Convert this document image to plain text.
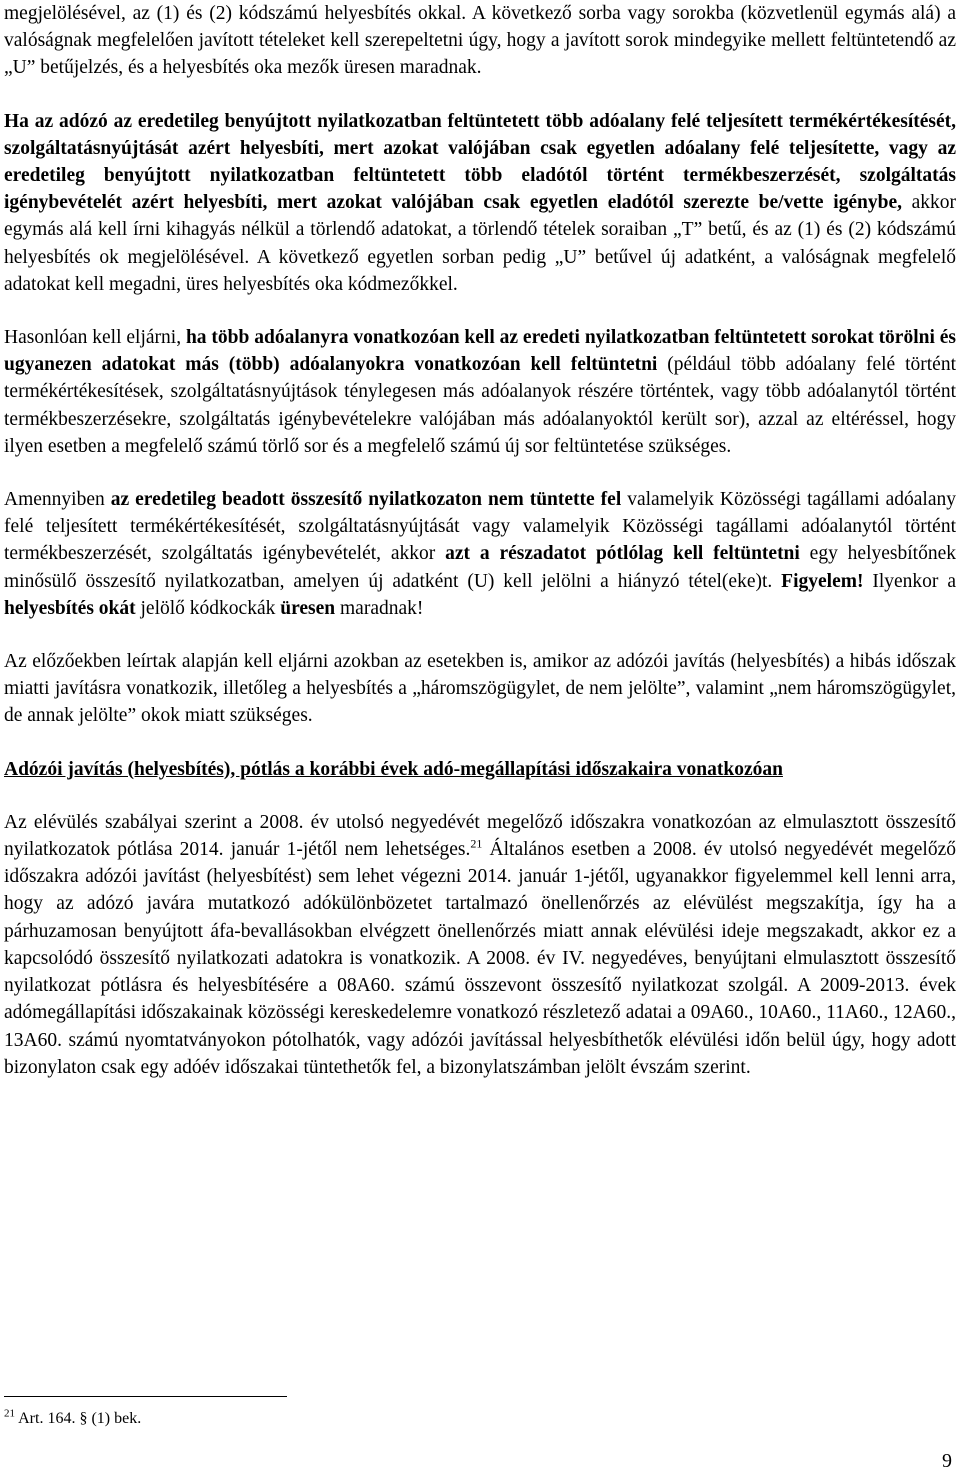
megjelölésével, az (1) és (2) kódszámú helyesbítés okkal. A következő sorba vagy sorokba (közvetlenül egymás alá) a valóságnak megfelelően javított tételeket kell szerepeltetni úgy, hogy a javított sorok mindegyike mellett feltüntetendő az „U” betűjelzés, és a helyesbítés oka mezők üresen maradnak.

Ha az adózó az eredetileg benyújtott nyilatkozatban feltüntetett több adóalany felé teljesített termékértékesítését, szolgáltatásnyújtását azért helyesbíti, mert azokat valójában csak egyetlen adóalany felé teljesítette, vagy az eredetileg benyújtott nyilatkozatban feltüntetett több eladótól történt termékbeszerzését, szolgáltatás igénybevételét azért helyesbíti, mert azokat valójában csak egyetlen eladótól szerezte be/vette igénybe, akkor egymás alá kell írni kihagyás nélkül a törlendő adatokat, a törlendő tételek soraiban „T” betű, és az (1) és (2) kódszámú helyesbítés ok megjelölésével. A következő egyetlen sorban pedig „U” betűvel új adatként, a valóságnak megfelelő adatokat kell megadni, üres helyesbítés oka kódmezőkkel.

Hasonlóan kell eljárni, ha több adóalanyra vonatkozóan kell az eredeti nyilatkozatban feltüntetett sorokat törölni és ugyanezen adatokat más (több) adóalanyokra vonatkozóan kell feltüntetni (például több adóalany felé történt termékértékesítések, szolgáltatásnyújtások ténylegesen más adóalanyok részére történtek, vagy több adóalanytól történt termékbeszerzésekre, szolgáltatás igénybevételekre valójában más adóalanyoktól került sor), azzal az eltéréssel, hogy ilyen esetben a megfelelő számú törlő sor és a megfelelő számú új sor feltüntetése szükséges.

Amennyiben az eredetileg beadott összesítő nyilatkozaton nem tüntette fel valamelyik Közösségi tagállami adóalany felé teljesített termékértékesítését, szolgáltatásnyújtását vagy valamelyik Közösségi tagállami adóalanytól történt termékbeszerzését, szolgáltatás igénybevételét, akkor azt a részadatot pótlólag kell feltüntetni egy helyesbítőnek minősülő összesítő nyilatkozatban, amelyen új adatként (U) kell jelölni a hiányzó tétel(eke)t. Figyelem! Ilyenkor a helyesbítés okát jelölő kódkockák üresen maradnak!

Az előzőekben leírtak alapján kell eljárni azokban az esetekben is, amikor az adózói javítás (helyesbítés) a hibás időszak miatti javításra vonatkozik, illetőleg a helyesbítés a „háromszögügylet, de nem jelölte”, valamint „nem háromszögügylet, de annak jelölte” okok miatt szükséges.

Adózói javítás (helyesbítés), pótlás a korábbi évek adó-megállapítási időszakaira vonatkozóan

Az elévülés szabályai szerint a 2008. év utolsó negyedévét megelőző időszakra vonatkozóan az elmulasztott összesítő nyilatkozatok pótlása 2014. január 1-jétől nem lehetséges.$^{21}$ Általános esetben a 2008. év utolsó negyedévét megelőző időszakra adózói javítást (helyesbítést) sem lehet végezni 2014. január 1-jétől, ugyanakkor figyelemmel kell lenni arra, hogy az adózó javára mutatkozó adókülönbözetet tartalmazó önellenőrzés az elévülést megszakítja, így ha a párhuzamosan benyújtott áfa-bevallásokban elvégzett önellenőrzés miatt annak elévülési ideje megszakadt, akkor ez a kapcsolódó összesítő nyilatkozati adatokra is vonatkozik. A 2008. év IV. negyedéves, benyújtani elmulasztott összesítő nyilatkozat pótlásra és helyesbítésére a 08A60. számú összevont összesítő nyilatkozat szolgál. A 2009-2013. évek adómegállapítási időszakainak közösségi kereskedelemre vonatkozó részletező adatai a 09A60., 10A60., 11A60., 12A60., 13A60. számú nyomtatványokon pótolhatók, vagy adózói javítással helyesbíthetők elévülési időn belül úgy, hogy adott bizonylaton csak egy adóév időszakai tüntethetők fel, a bizonylatszámban jelölt évszám szerint.

$^{21}$ Art. 164. § (1) bek.
9
